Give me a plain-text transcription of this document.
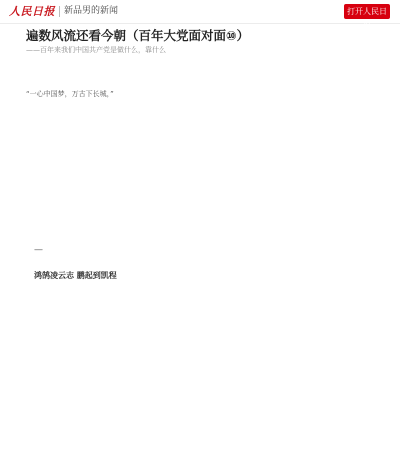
人民日报 新品男的新闻	打开人民日报
遍数风流还看今朝（百年大党面对面⑩）
——百年来我们中国共产党是做什么，靠什么
“一心中国梦，万古下长城，”
—
鸿鹄凌云志 鹏起到凯程
